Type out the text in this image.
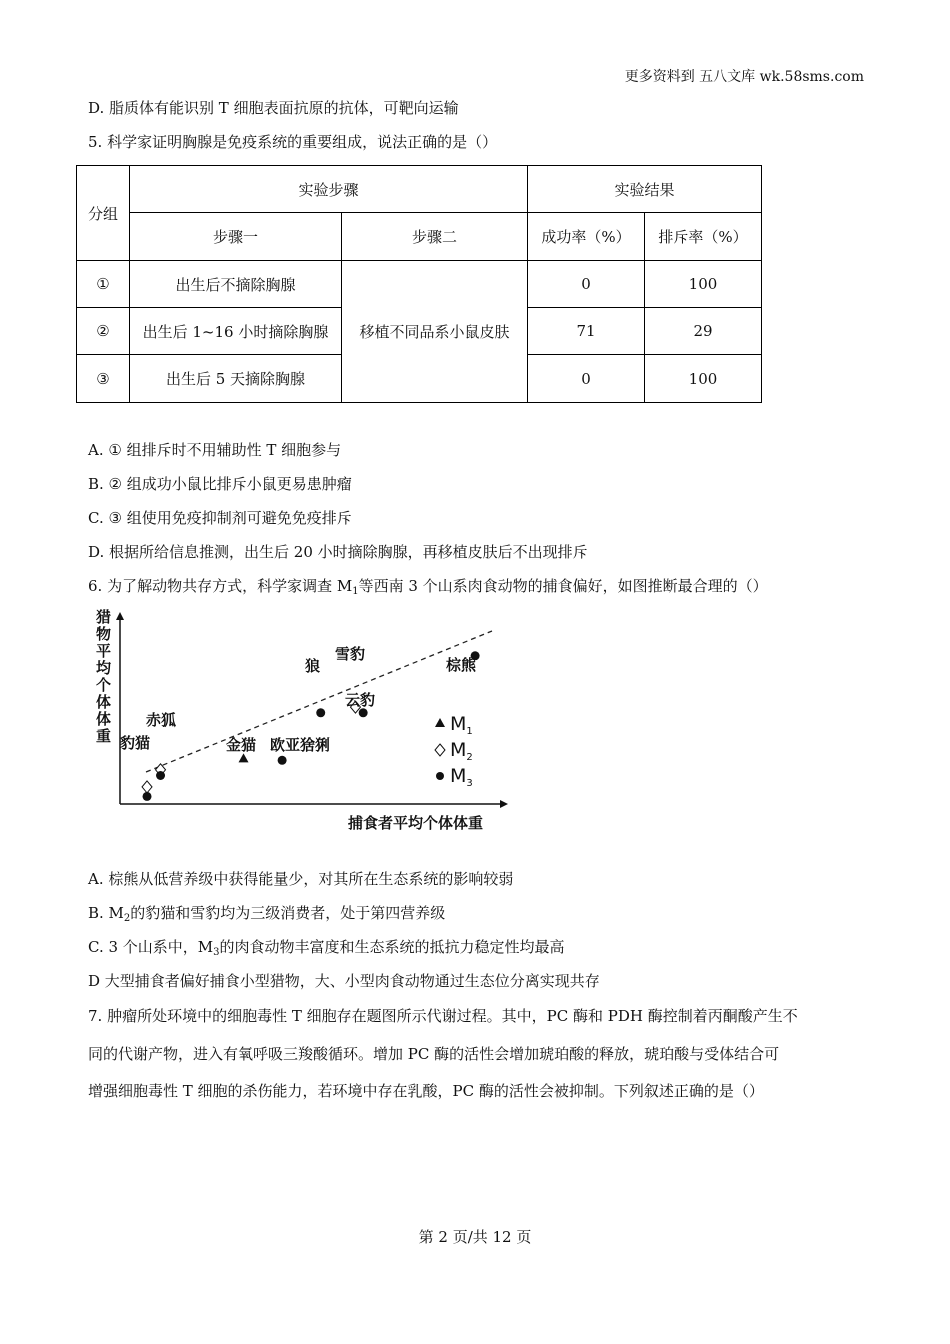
更多资料到 五八文库 wk.58sms.com
D. 脂质体有能识别 T 细胞表面抗原的抗体，可靶向运输
5. 科学家证明胸腺是免疫系统的重要组成，说法正确的是（）
分组	实验步骤		实验结果	
	步骤一	步骤二	成功率（%）	排斥率（%）
①	出生后不摘除胸腺	移植不同品系小鼠皮肤	0	100
②	出生后 1~16 小时摘除胸腺		71	29
③	出生后 5 天摘除胸腺		0	100
A. ① 组排斥时不用辅助性 T 细胞参与
B. ② 组成功小鼠比排斥小鼠更易患肿瘤
C. ③ 组使用免疫抑制剂可避免免疫排斥
D. 根据所给信息推测，出生后 20 小时摘除胸腺，再移植皮肤后不出现排斥
6. 为了解动物共存方式，科学家调查 $M_1$等西南 3 个山系肉食动物的捕食偏好，如图推断最合理的（）
猎 物 平 均 个 体 体 重
赤狐
豹猫	金猫 欧亚猞猁
狼
雪豹
云豹
棕熊
$M_1$
$M_2$
$M_3$
捕食者平均个体体重
A. 棕熊从低营养级中获得能量少，对其所在生态系统的影响较弱
B. $M_2$的豹猫和雪豹均为三级消费者，处于第四营养级
C. 3 个山系中，$M_3$的肉食动物丰富度和生态系统的抵抗力稳定性均最高
D 大型捕食者偏好捕食小型猎物，大、小型肉食动物通过生态位分离实现共存
7. 肿瘤所处环境中的细胞毒性 T 细胞存在题图所示代谢过程。其中，PC 酶和 PDH 酶控制着丙酮酸产生不
同的代谢产物，进入有氧呼吸三羧酸循环。增加 PC 酶的活性会增加琥珀酸的释放，琥珀酸与受体结合可
增强细胞毒性 T 细胞的杀伤能力，若环境中存在乳酸，PC 酶的活性会被抑制。下列叙述正确的是（）
第 2 页/共 12 页
